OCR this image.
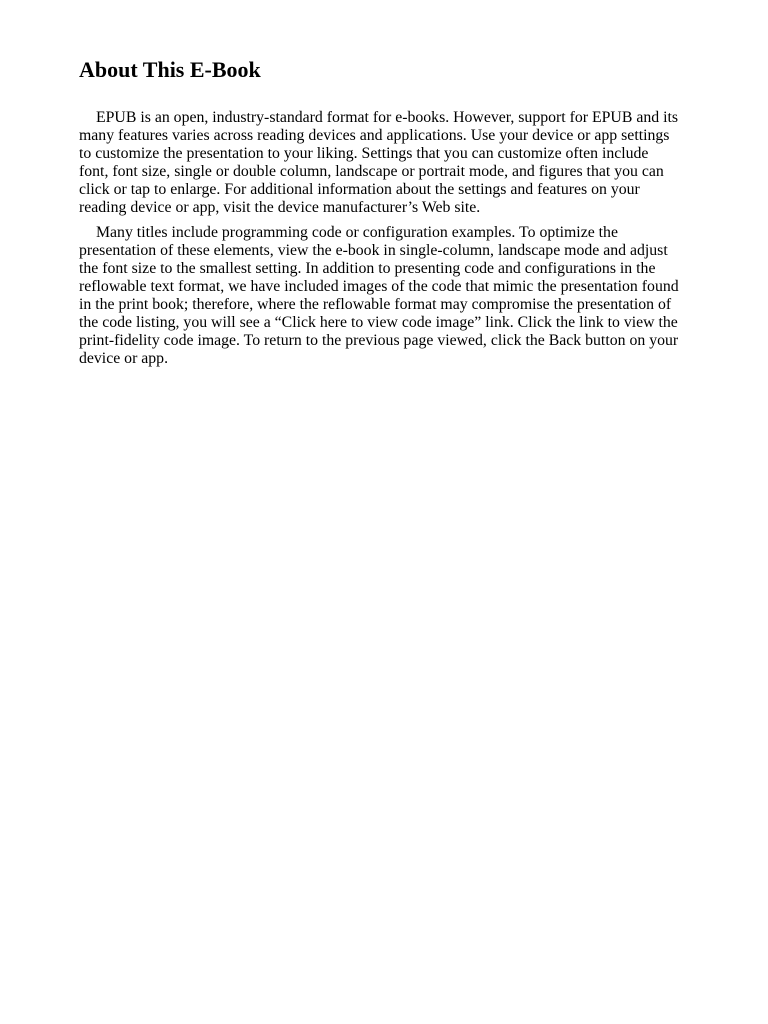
About This E-Book

EPUB is an open, industry-standard format for e-books. However, support for EPUB and its many features varies across reading devices and applications. Use your device or app settings to customize the presentation to your liking. Settings that you can customize often include font, font size, single or double column, landscape or portrait mode, and figures that you can click or tap to enlarge. For additional information about the settings and features on your reading device or app, visit the device manufacturer’s Web site.

Many titles include programming code or configuration examples. To optimize the presentation of these elements, view the e-book in single-column, landscape mode and adjust the font size to the smallest setting. In addition to presenting code and configurations in the reflowable text format, we have included images of the code that mimic the presentation found in the print book; therefore, where the reflowable format may compromise the presentation of the code listing, you will see a “Click here to view code image” link. Click the link to view the print-fidelity code image. To return to the previous page viewed, click the Back button on your device or app.
